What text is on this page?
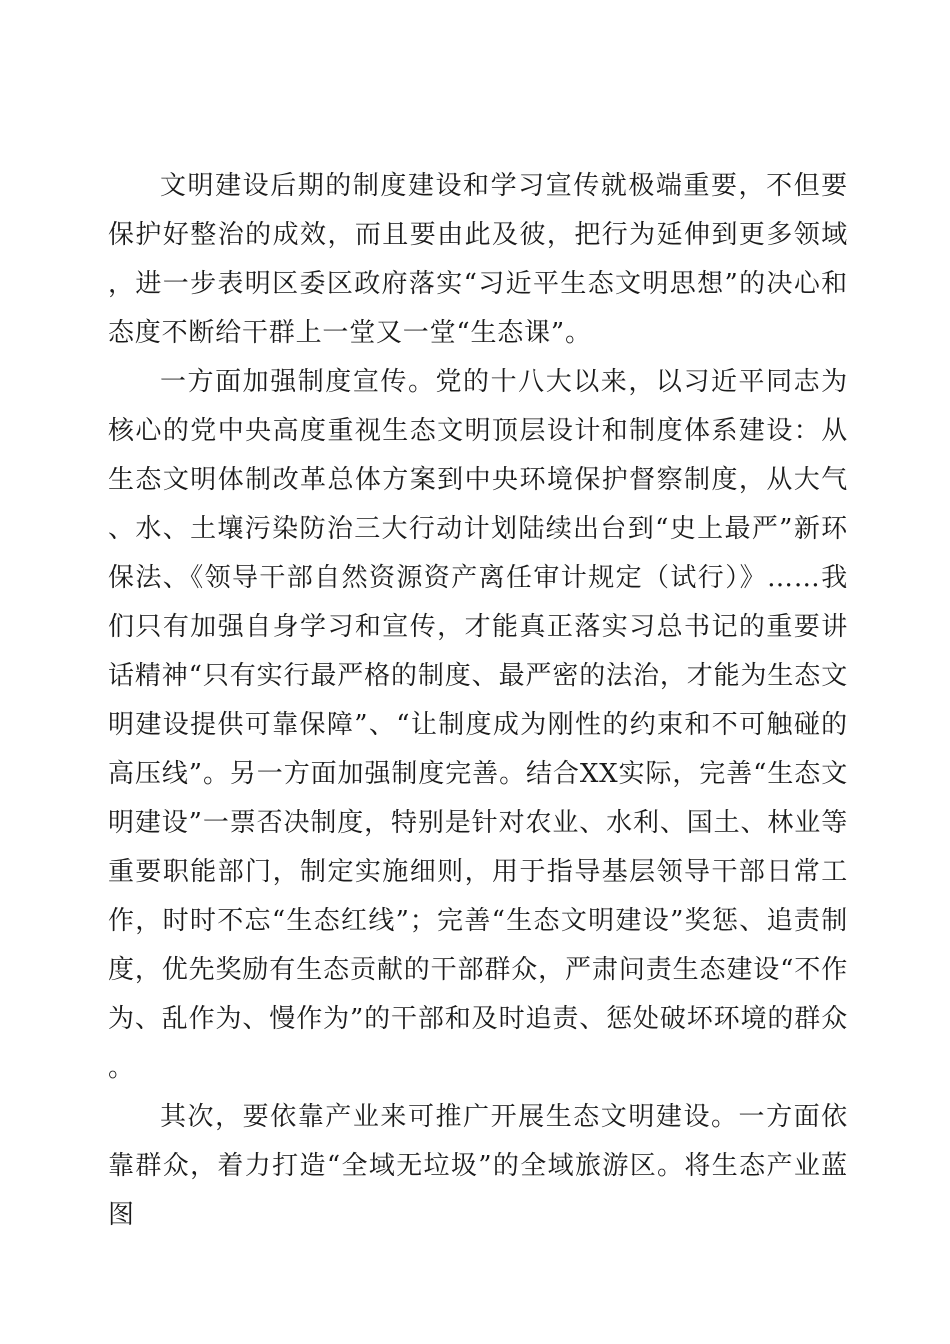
文明建设后期的制度建设和学习宣传就极端重要，不但要保护好整治的成效，而且要由此及彼，把行为延伸到更多领域，进一步表明区委区政府落实“习近平生态文明思想”的决心和态度不断给干群上一堂又一堂“生态课”。

一方面加强制度宣传。党的十八大以来，以习近平同志为核心的党中央高度重视生态文明顶层设计和制度体系建设：从生态文明体制改革总体方案到中央环境保护督察制度，从大气、水、土壤污染防治三大行动计划陆续出台到“史上最严”新环保法、《领导干部自然资源资产离任审计规定（试行）》……我们只有加强自身学习和宣传，才能真正落实习总书记的重要讲话精神“只有实行最严格的制度、最严密的法治，才能为生态文明建设提供可靠保障”、“让制度成为刚性的约束和不可触碰的高压线”。另一方面加强制度完善。结合XX实际，完善“生态文明建设”一票否决制度，特别是针对农业、水利、国土、林业等重要职能部门，制定实施细则，用于指导基层领导干部日常工作，时时不忘“生态红线”；完善“生态文明建设”奖惩、追责制度，优先奖励有生态贡献的干部群众，严肃问责生态建设“不作为、乱作为、慢作为”的干部和及时追责、惩处破坏环境的群众。

其次，要依靠产业来可推广开展生态文明建设。一方面依靠群众，着力打造“全域无垃圾”的全域旅游区。将生态产业蓝图
